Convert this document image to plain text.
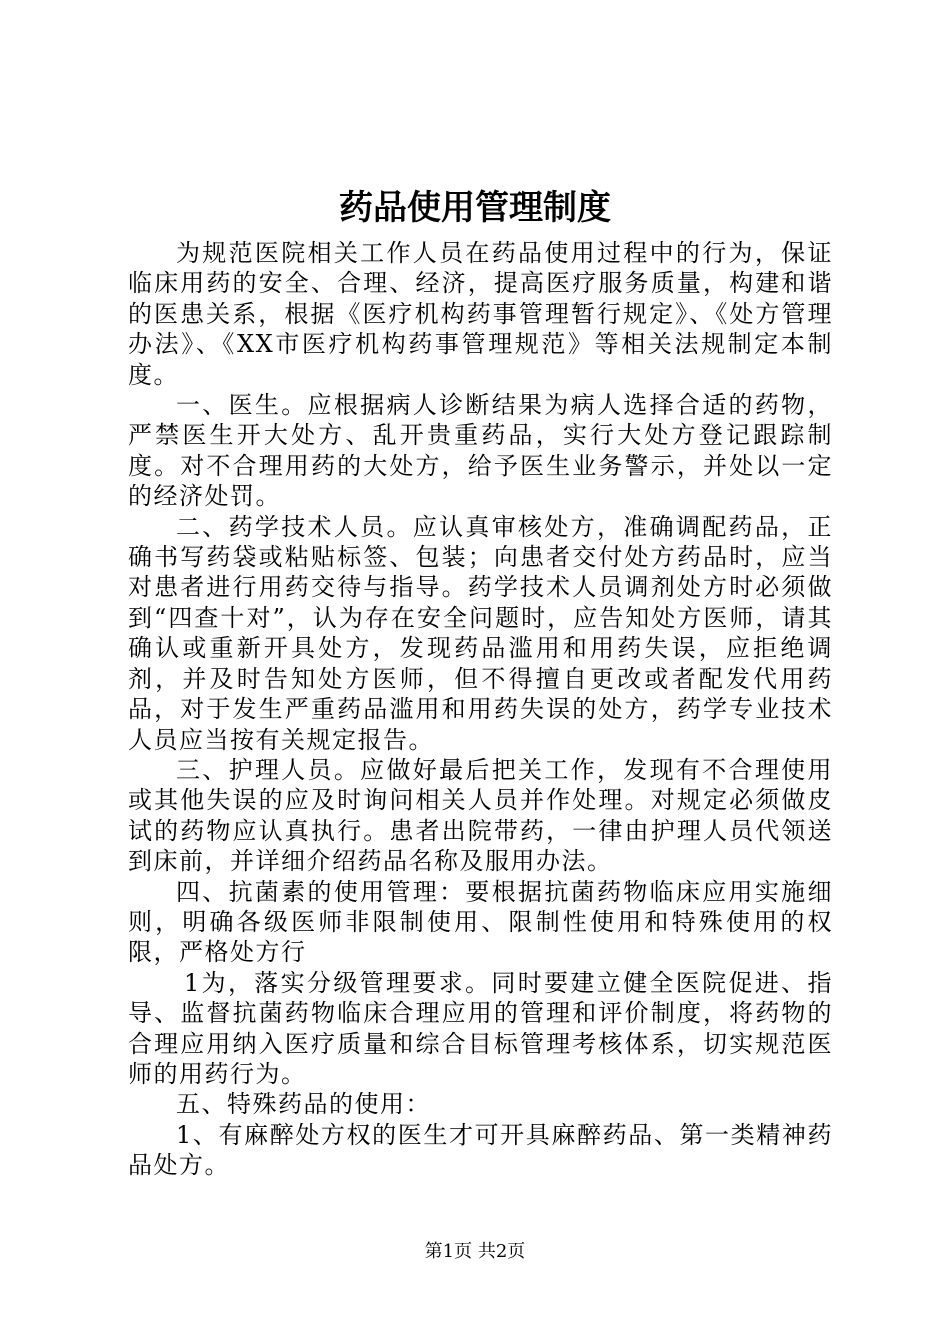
药品使用管理制度

为规范医院相关工作人员在药品使用过程中的行为，保证临床用药的安全、合理、经济，提高医疗服务质量，构建和谐的医患关系，根据《医疗机构药事管理暂行规定》、《处方管理办法》、《XX市医疗机构药事管理规范》等相关法规制定本制度。

一、医生。应根据病人诊断结果为病人选择合适的药物，严禁医生开大处方、乱开贵重药品，实行大处方登记跟踪制度。对不合理用药的大处方，给予医生业务警示，并处以一定的经济处罚。

二、药学技术人员。应认真审核处方，准确调配药品，正确书写药袋或粘贴标签、包装；向患者交付处方药品时，应当对患者进行用药交待与指导。药学技术人员调剂处方时必须做到“四查十对”，认为存在安全问题时，应告知处方医师，请其确认或重新开具处方，发现药品滥用和用药失误，应拒绝调剂，并及时告知处方医师，但不得擅自更改或者配发代用药品，对于发生严重药品滥用和用药失误的处方，药学专业技术人员应当按有关规定报告。

三、护理人员。应做好最后把关工作，发现有不合理使用或其他失误的应及时询问相关人员并作处理。对规定必须做皮试的药物应认真执行。患者出院带药，一律由护理人员代领送到床前，并详细介绍药品名称及服用办法。

四、抗菌素的使用管理：要根据抗菌药物临床应用实施细则，明确各级医师非限制使用、限制性使用和特殊使用的权限，严格处方行

1为，落实分级管理要求。同时要建立健全医院促进、指导、监督抗菌药物临床合理应用的管理和评价制度，将药物的合理应用纳入医疗质量和综合目标管理考核体系，切实规范医师的用药行为。

五、特殊药品的使用：

1、有麻醉处方权的医生才可开具麻醉药品、第一类精神药品处方。

第1页 共2页
